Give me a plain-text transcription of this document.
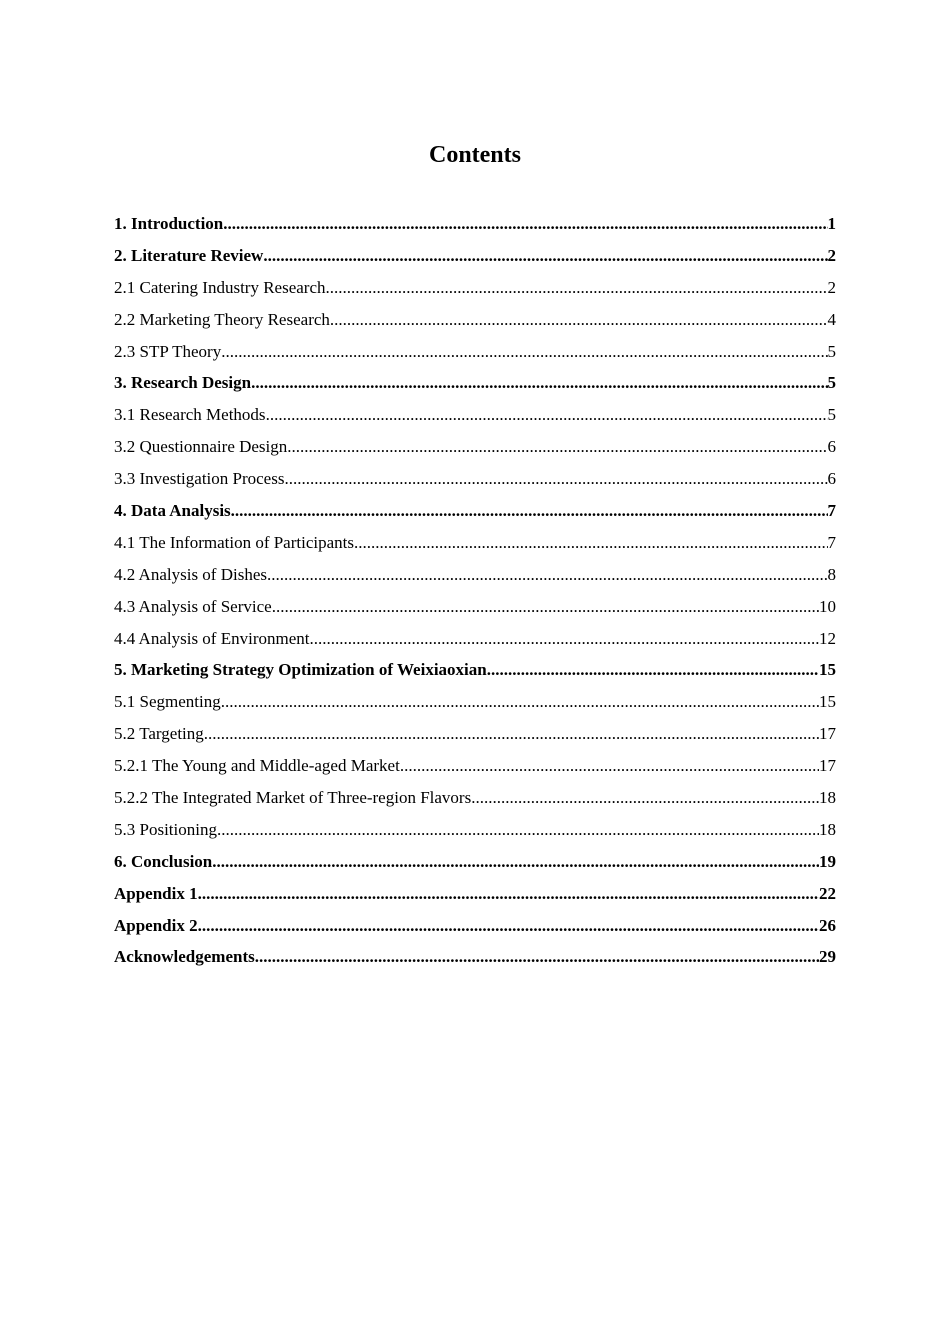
Contents
1. Introduction .....	1
2. Literature Review .....	2
2.1 Catering Industry Research .....	2
2.2 Marketing Theory Research .....	4
2.3 STP Theory .....	5
3. Research Design .....	5
3.1 Research Methods .....	5
3.2 Questionnaire Design .....	6
3.3 Investigation Process .....	6
4. Data Analysis .....	7
4.1 The Information of Participants .....	7
4.2 Analysis of Dishes .....	8
4.3 Analysis of Service .....	10
4.4 Analysis of Environment .....	12
5. Marketing Strategy Optimization of Weixiaoxian .....	15
5.1 Segmenting .....	15
5.2 Targeting .....	17
5.2.1 The Young and Middle-aged Market .....	17
5.2.2 The Integrated Market of Three-region Flavors .....	18
5.3 Positioning .....	18
6. Conclusion .....	19
Appendix 1 .....	22
Appendix 2 .....	26
Acknowledgements .....	29
